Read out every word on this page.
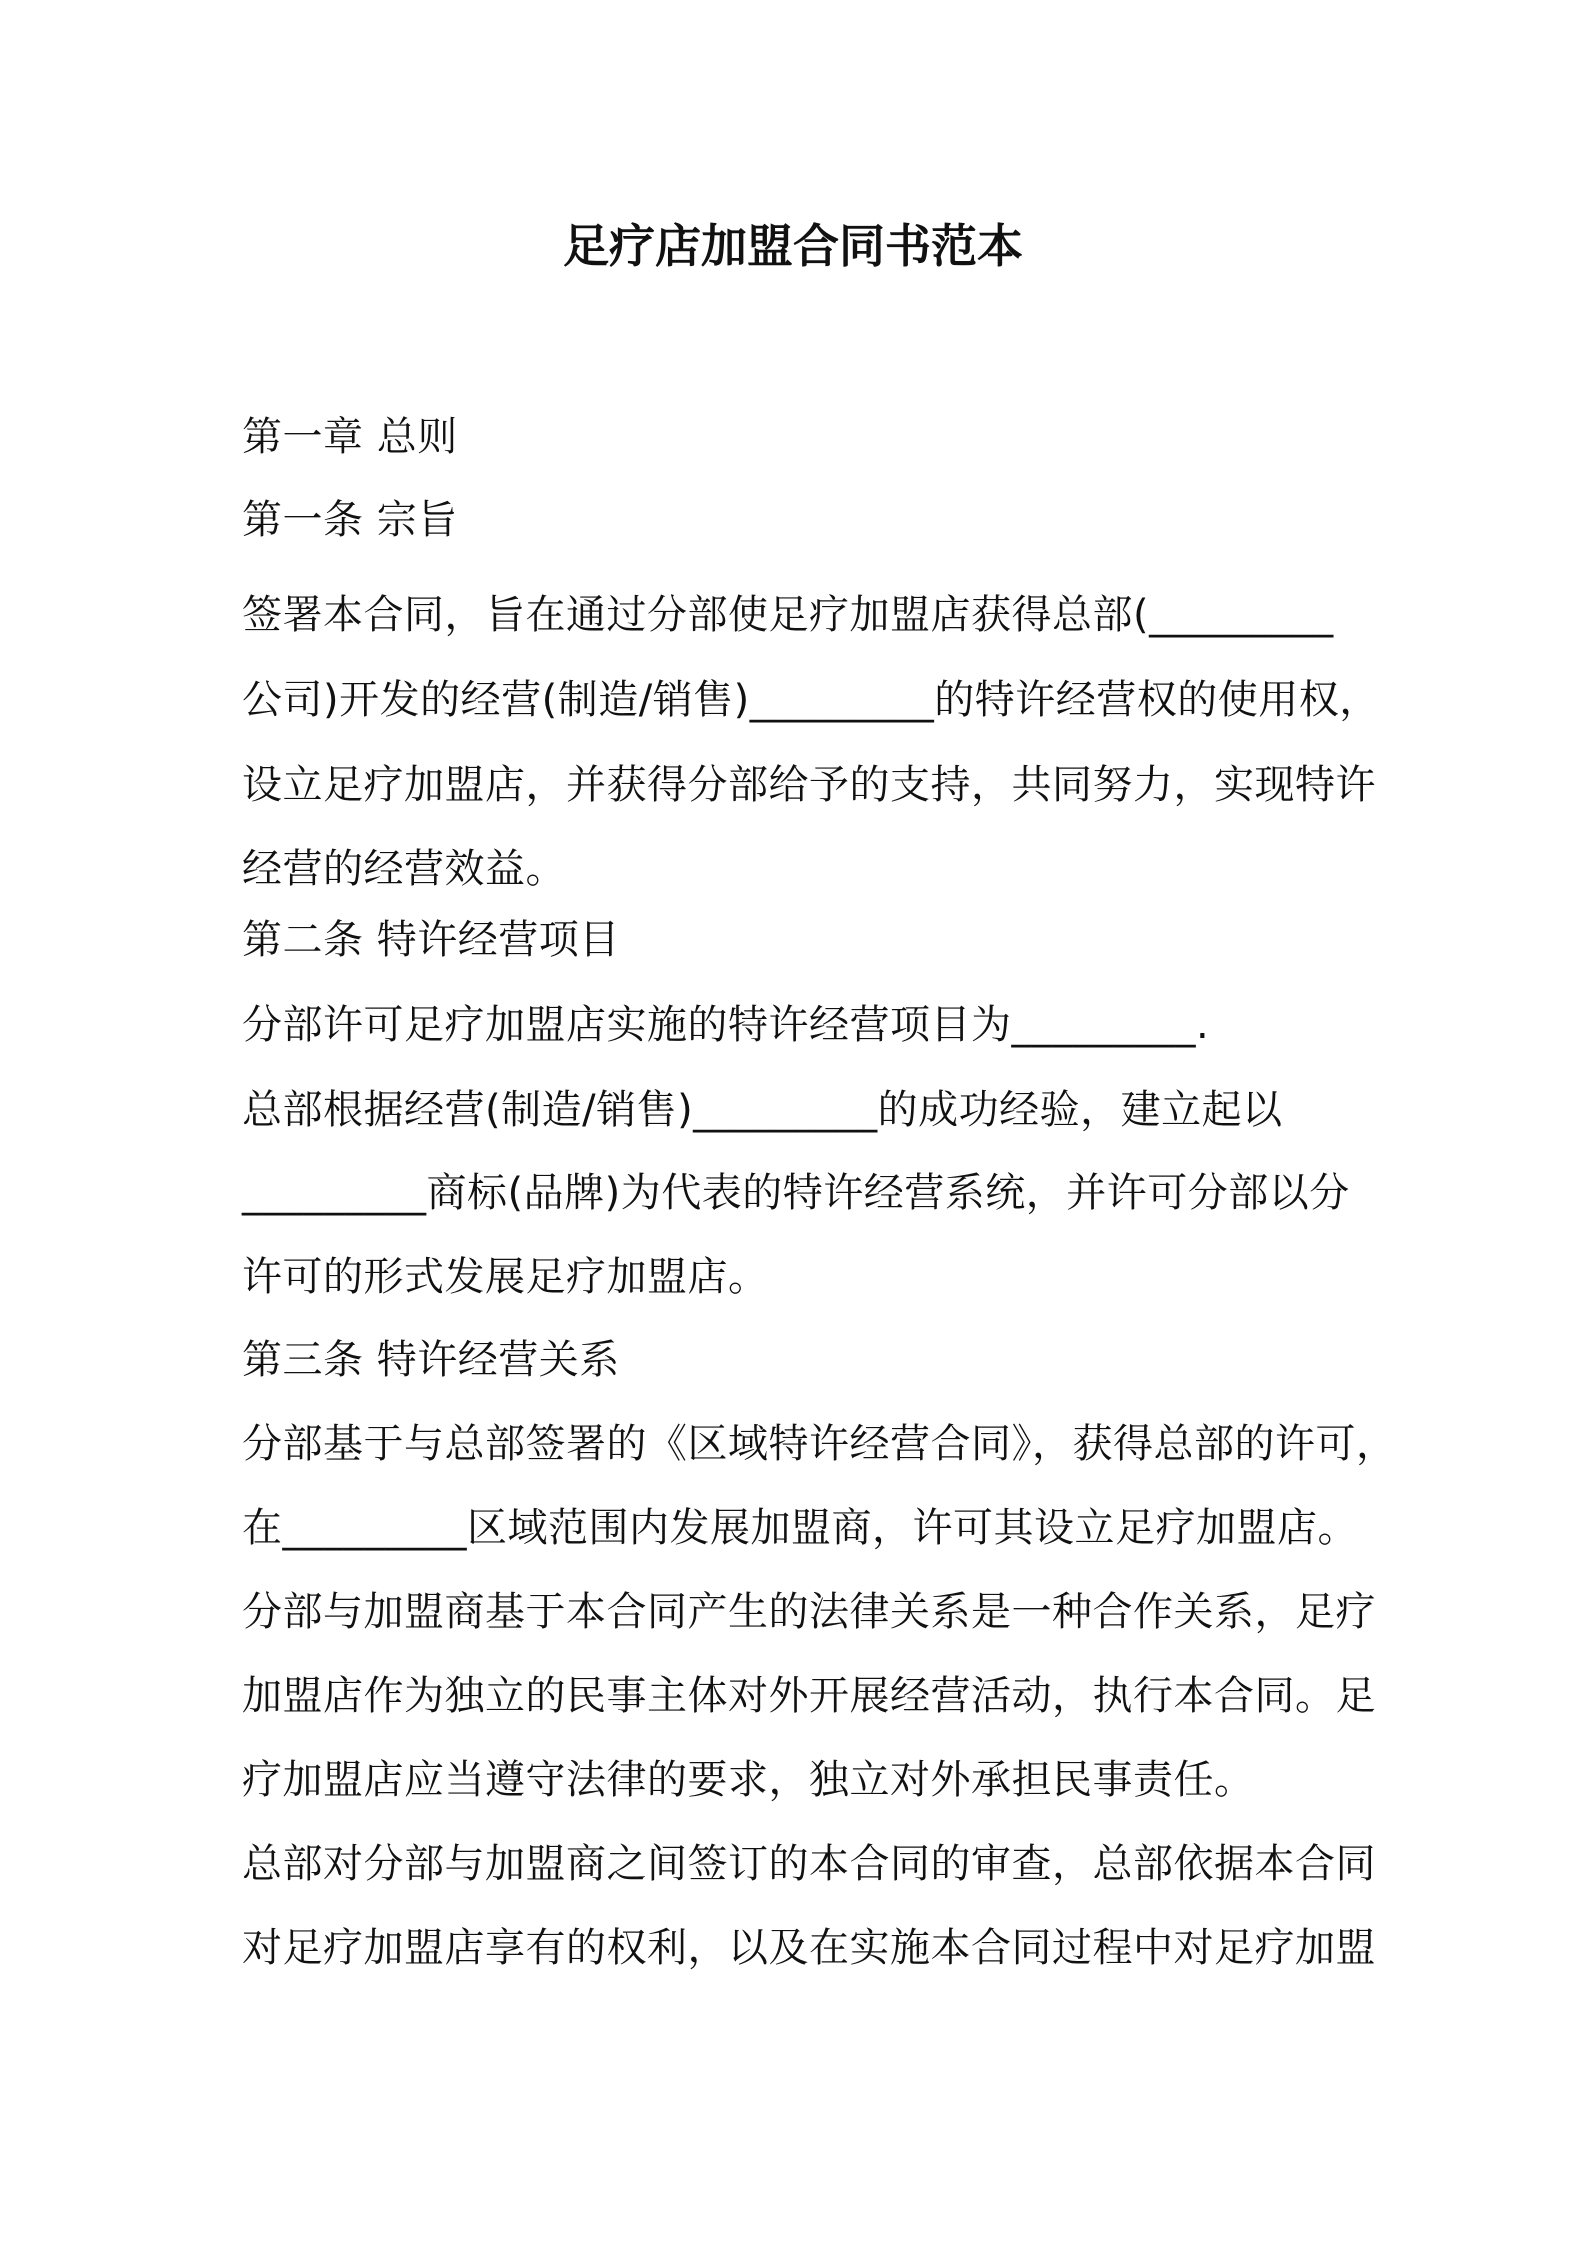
足疗店加盟合同书范本
第一章 总则
第一条 宗旨
签署本合同，旨在通过分部使足疗加盟店获得总部(_________
公司)开发的经营(制造/销售)_________的特许经营权的使用权，
设立足疗加盟店，并获得分部给予的支持，共同努力，实现特许
经营的经营效益。
第二条 特许经营项目
分部许可足疗加盟店实施的特许经营项目为_________.
总部根据经营(制造/销售)_________的成功经验，建立起以
_________商标(品牌)为代表的特许经营系统，并许可分部以分
许可的形式发展足疗加盟店。
第三条 特许经营关系
分部基于与总部签署的《区域特许经营合同》，获得总部的许可，
在_________区域范围内发展加盟商，许可其设立足疗加盟店。
分部与加盟商基于本合同产生的法律关系是一种合作关系，足疗
加盟店作为独立的民事主体对外开展经营活动，执行本合同。足
疗加盟店应当遵守法律的要求，独立对外承担民事责任。
总部对分部与加盟商之间签订的本合同的审查，总部依据本合同
对足疗加盟店享有的权利，以及在实施本合同过程中对足疗加盟
